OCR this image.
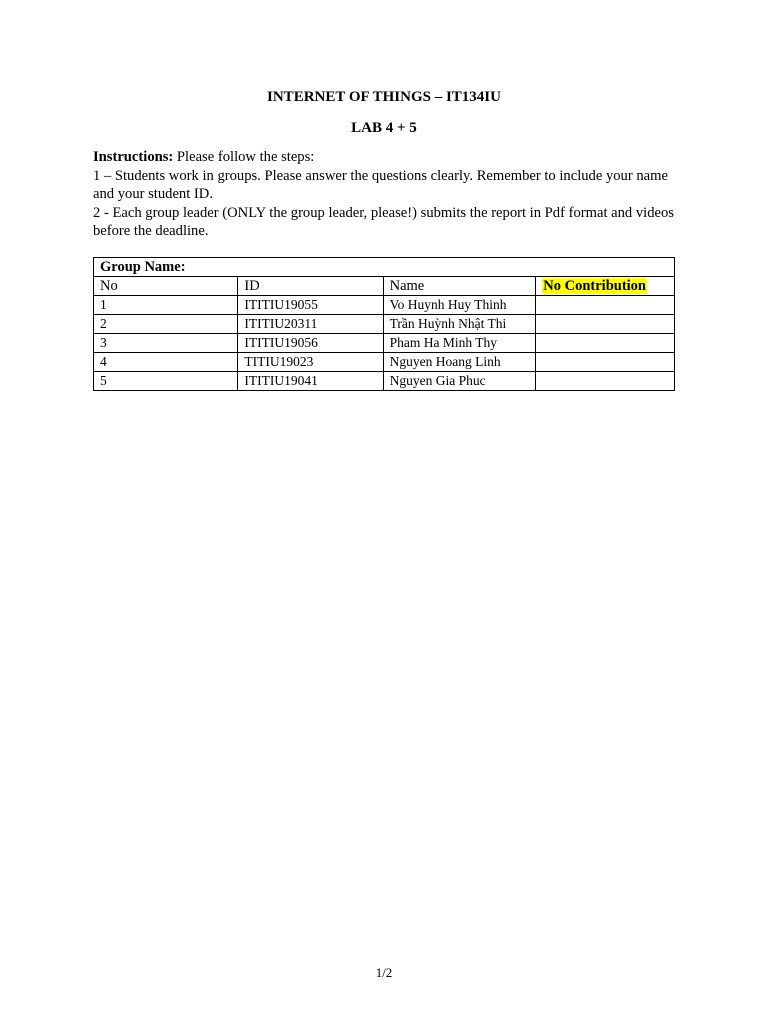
INTERNET OF THINGS – IT134IU
LAB 4 + 5

Instructions: Please follow the steps:

1 – Students work in groups. Please answer the questions clearly. Remember to include your name and your student ID.

2 - Each group leader (ONLY the group leader, please!) submits the report in Pdf format and videos before the deadline.

Group Name:			
No	ID	Name	No Contribution
1	ITITIU19055	Vo Huynh Huy Thinh	
2	ITITIU20311	Trần Huỳnh Nhật Thi	
3	ITITIU19056	Pham Ha Minh Thy	
4	TITIU19023	Nguyen Hoang Linh	
5	ITITIU19041	Nguyen Gia Phuc	
1/2
